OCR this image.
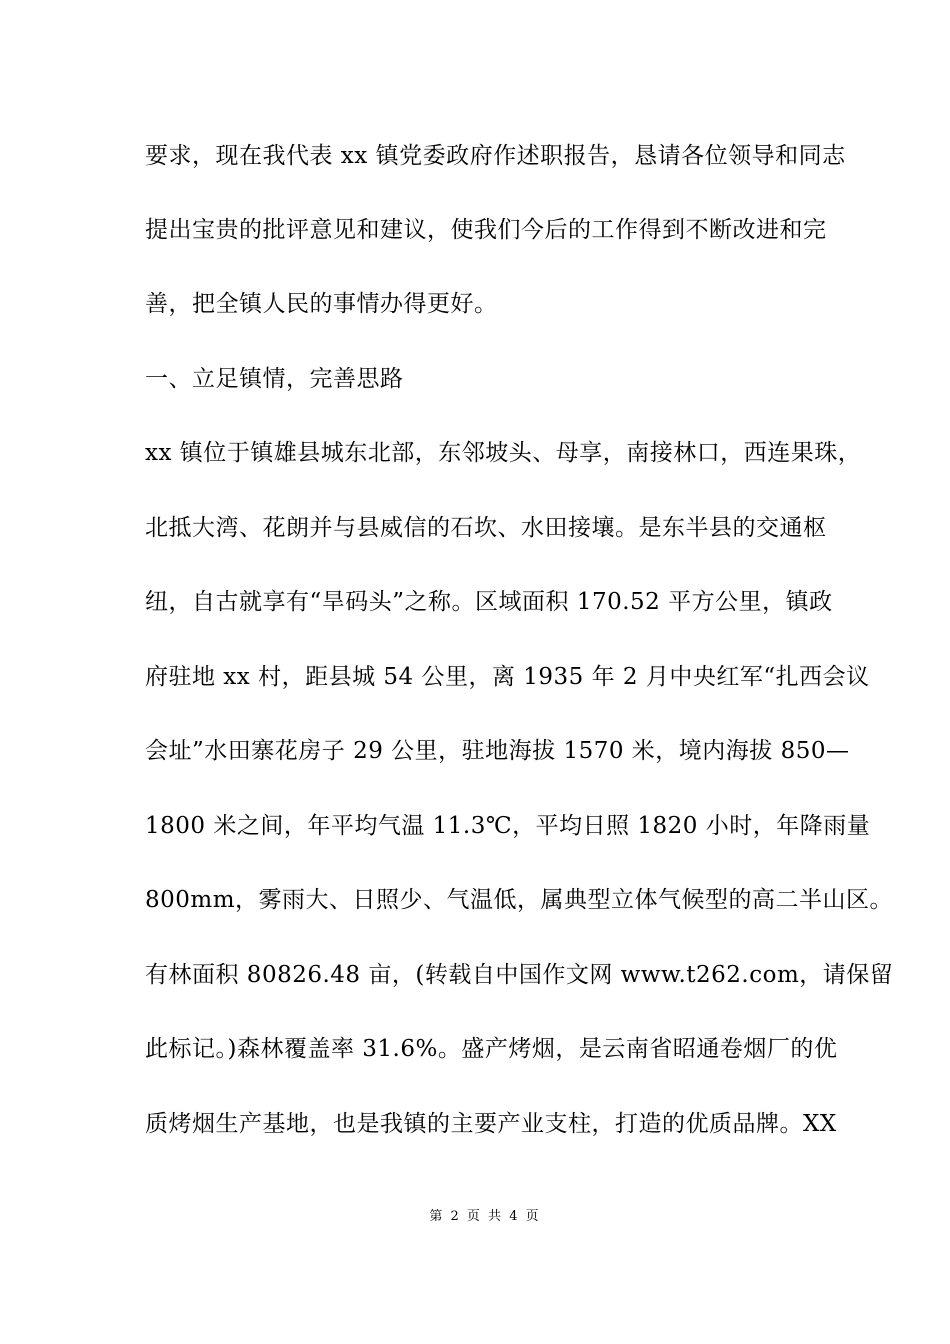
要求，现在我代表 xx 镇党委政府作述职报告，恳请各位领导和同志
提出宝贵的批评意见和建议，使我们今后的工作得到不断改进和完
善，把全镇人民的事情办得更好。
一、立足镇情，完善思路
xx 镇位于镇雄县城东北部，东邻坡头、母享，南接林口，西连果珠，
北抵大湾、花朗并与县威信的石坎、水田接壤。是东半县的交通枢
纽，自古就享有“旱码头”之称。区域面积 170.52 平方公里，镇政
府驻地 xx 村，距县城 54 公里，离 1935 年 2 月中央红军“扎西会议
会址”水田寨花房子 29 公里，驻地海拔 1570 米，境内海拔 850—
1800 米之间，年平均气温 11.3℃，平均日照 1820 小时，年降雨量
800mm，雾雨大、日照少、气温低，属典型立体气候型的高二半山区。
有林面积 80826.48 亩，(转载自中国作文网 www.t262.com，请保留
此标记。)森林覆盖率 31.6%。盛产烤烟，是云南省昭通卷烟厂的优
质烤烟生产基地，也是我镇的主要产业支柱，打造的优质品牌。XX
第 2 页 共 4 页
